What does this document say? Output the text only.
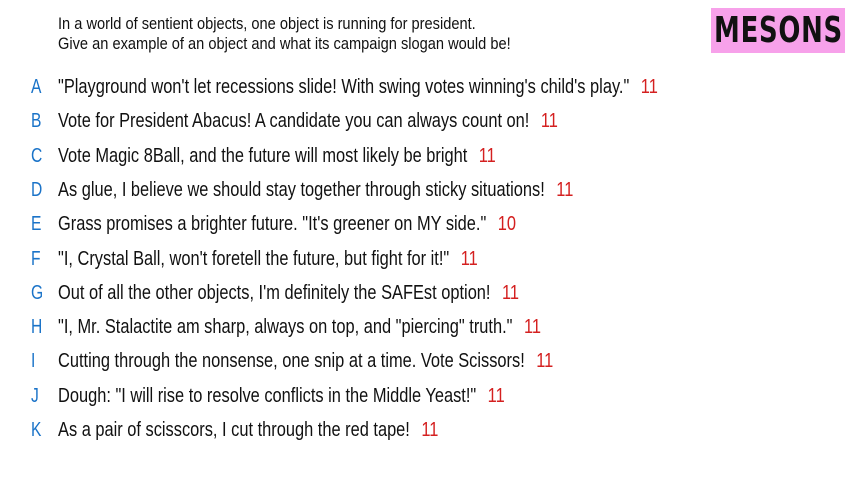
In a world of sentient objects, one object is running for president.
Give an example of an object and what its campaign slogan would be!	MESONS
A "Playground won't let recessions slide! With swing votes winning's child's play." 11
B Vote for President Abacus! A candidate you can always count on! 11
C Vote Magic 8Ball, and the future will most likely be bright 11
D As glue, I believe we should stay together through sticky situations! 11
E Grass promises a brighter future. "It's greener on MY side." 10
F "I, Crystal Ball, won't foretell the future, but fight for it!" 11
G Out of all the other objects, I'm definitely the SAFEst option! 11
H "I, Mr. Stalactite am sharp, always on top, and "piercing" truth." 11
I Cutting through the nonsense, one snip at a time. Vote Scissors! 11
J Dough: "I will rise to resolve conflicts in the Middle Yeast!" 11
K As a pair of scisscors, I cut through the red tape! 11
